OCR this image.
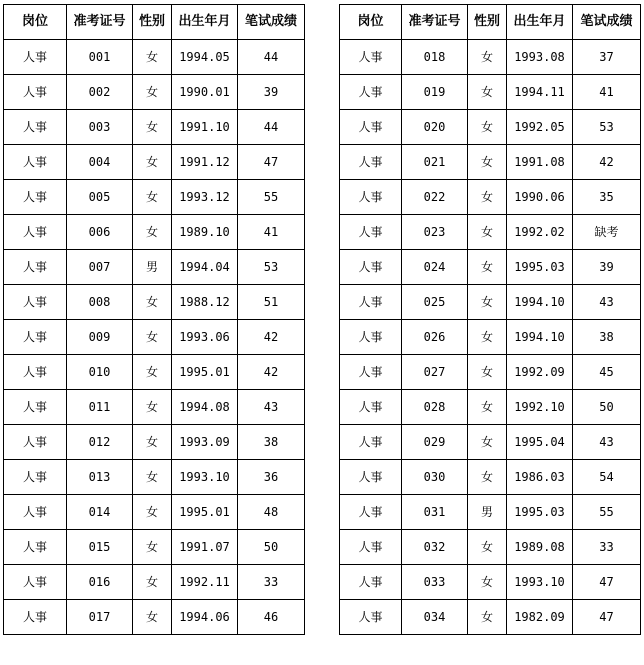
岗位	准考证号	性别	出生年月	笔试成绩
人事	001	女	1994.05	44
人事	002	女	1990.01	39
人事	003	女	1991.10	44
人事	004	女	1991.12	47
人事	005	女	1993.12	55
人事	006	女	1989.10	41
人事	007	男	1994.04	53
人事	008	女	1988.12	51
人事	009	女	1993.06	42
人事	010	女	1995.01	42
人事	011	女	1994.08	43
人事	012	女	1993.09	38
人事	013	女	1993.10	36
人事	014	女	1995.01	48
人事	015	女	1991.07	50
人事	016	女	1992.11	33
人事	017	女	1994.06	46
岗位	准考证号	性别	出生年月	笔试成绩
人事	018	女	1993.08	37
人事	019	女	1994.11	41
人事	020	女	1992.05	53
人事	021	女	1991.08	42
人事	022	女	1990.06	35
人事	023	女	1992.02	缺考
人事	024	女	1995.03	39
人事	025	女	1994.10	43
人事	026	女	1994.10	38
人事	027	女	1992.09	45
人事	028	女	1992.10	50
人事	029	女	1995.04	43
人事	030	女	1986.03	54
人事	031	男	1995.03	55
人事	032	女	1989.08	33
人事	033	女	1993.10	47
人事	034	女	1982.09	47
